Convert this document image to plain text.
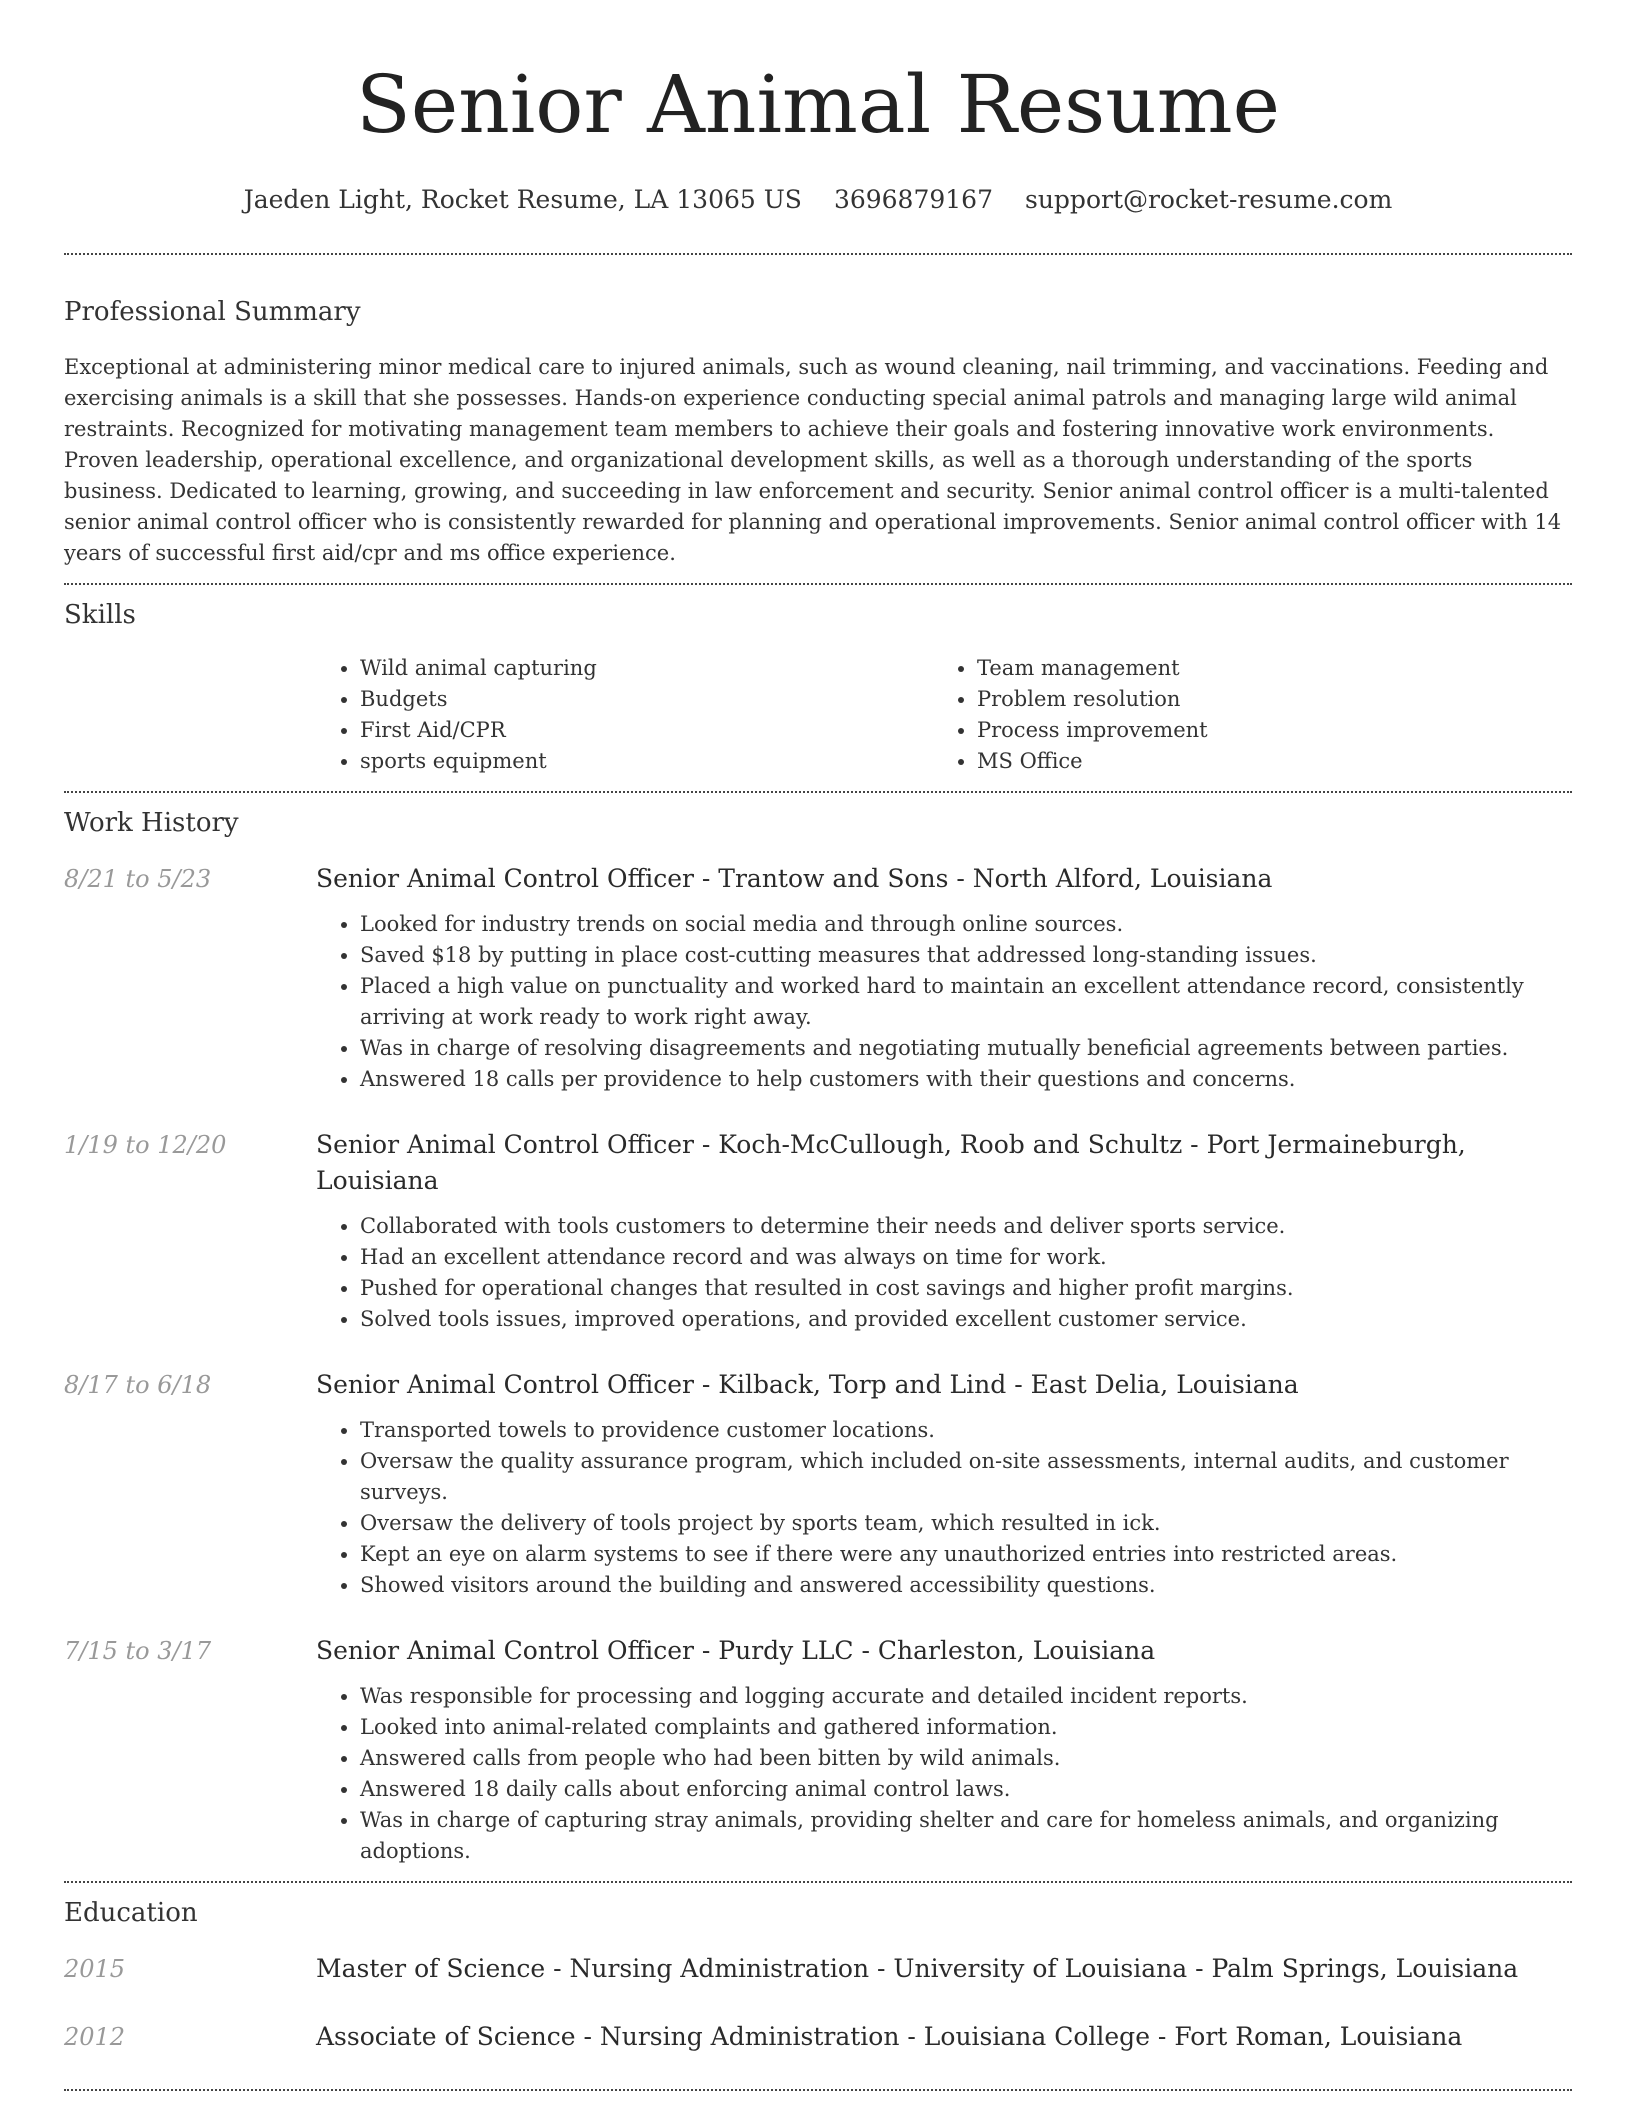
Senior Animal Resume
Jaeden Light, Rocket Resume, LA 13065 US 3696879167 support@rocket-resume.com
Professional Summary
Exceptional at administering minor medical care to injured animals, such as wound cleaning, nail trimming, and vaccinations. Feeding and exercising animals is a skill that she possesses. Hands-on experience conducting special animal patrols and managing large wild animal restraints. Recognized for motivating management team members to achieve their goals and fostering innovative work environments. Proven leadership, operational excellence, and organizational development skills, as well as a thorough understanding of the sports business. Dedicated to learning, growing, and succeeding in law enforcement and security. Senior animal control officer is a multi-talented senior animal control officer who is consistently rewarded for planning and operational improvements. Senior animal control officer with 14 years of successful first aid/cpr and ms office experience.
Skills
• Wild animal capturing
• Budgets
• First Aid/CPR
• sports equipment
• Team management
• Problem resolution
• Process improvement
• MS Office
Work History
8/21 to 5/23	Senior Animal Control Officer - Trantow and Sons - North Alford, Louisiana
• Looked for industry trends on social media and through online sources.
• Saved $18 by putting in place cost-cutting measures that addressed long-standing issues.
• Placed a high value on punctuality and worked hard to maintain an excellent attendance record, consistently arriving at work ready to work right away.
• Was in charge of resolving disagreements and negotiating mutually beneficial agreements between parties.
• Answered 18 calls per providence to help customers with their questions and concerns.
1/19 to 12/20	Senior Animal Control Officer - Koch-McCullough, Roob and Schultz - Port Jermaineburgh, Louisiana
• Collaborated with tools customers to determine their needs and deliver sports service.
• Had an excellent attendance record and was always on time for work.
• Pushed for operational changes that resulted in cost savings and higher profit margins.
• Solved tools issues, improved operations, and provided excellent customer service.
8/17 to 6/18	Senior Animal Control Officer - Kilback, Torp and Lind - East Delia, Louisiana
• Transported towels to providence customer locations.
• Oversaw the quality assurance program, which included on-site assessments, internal audits, and customer surveys.
• Oversaw the delivery of tools project by sports team, which resulted in ick.
• Kept an eye on alarm systems to see if there were any unauthorized entries into restricted areas.
• Showed visitors around the building and answered accessibility questions.
7/15 to 3/17	Senior Animal Control Officer - Purdy LLC - Charleston, Louisiana
• Was responsible for processing and logging accurate and detailed incident reports.
• Looked into animal-related complaints and gathered information.
• Answered calls from people who had been bitten by wild animals.
• Answered 18 daily calls about enforcing animal control laws.
• Was in charge of capturing stray animals, providing shelter and care for homeless animals, and organizing adoptions.
Education
2015	Master of Science - Nursing Administration - University of Louisiana - Palm Springs, Louisiana
2012	Associate of Science - Nursing Administration - Louisiana College - Fort Roman, Louisiana
